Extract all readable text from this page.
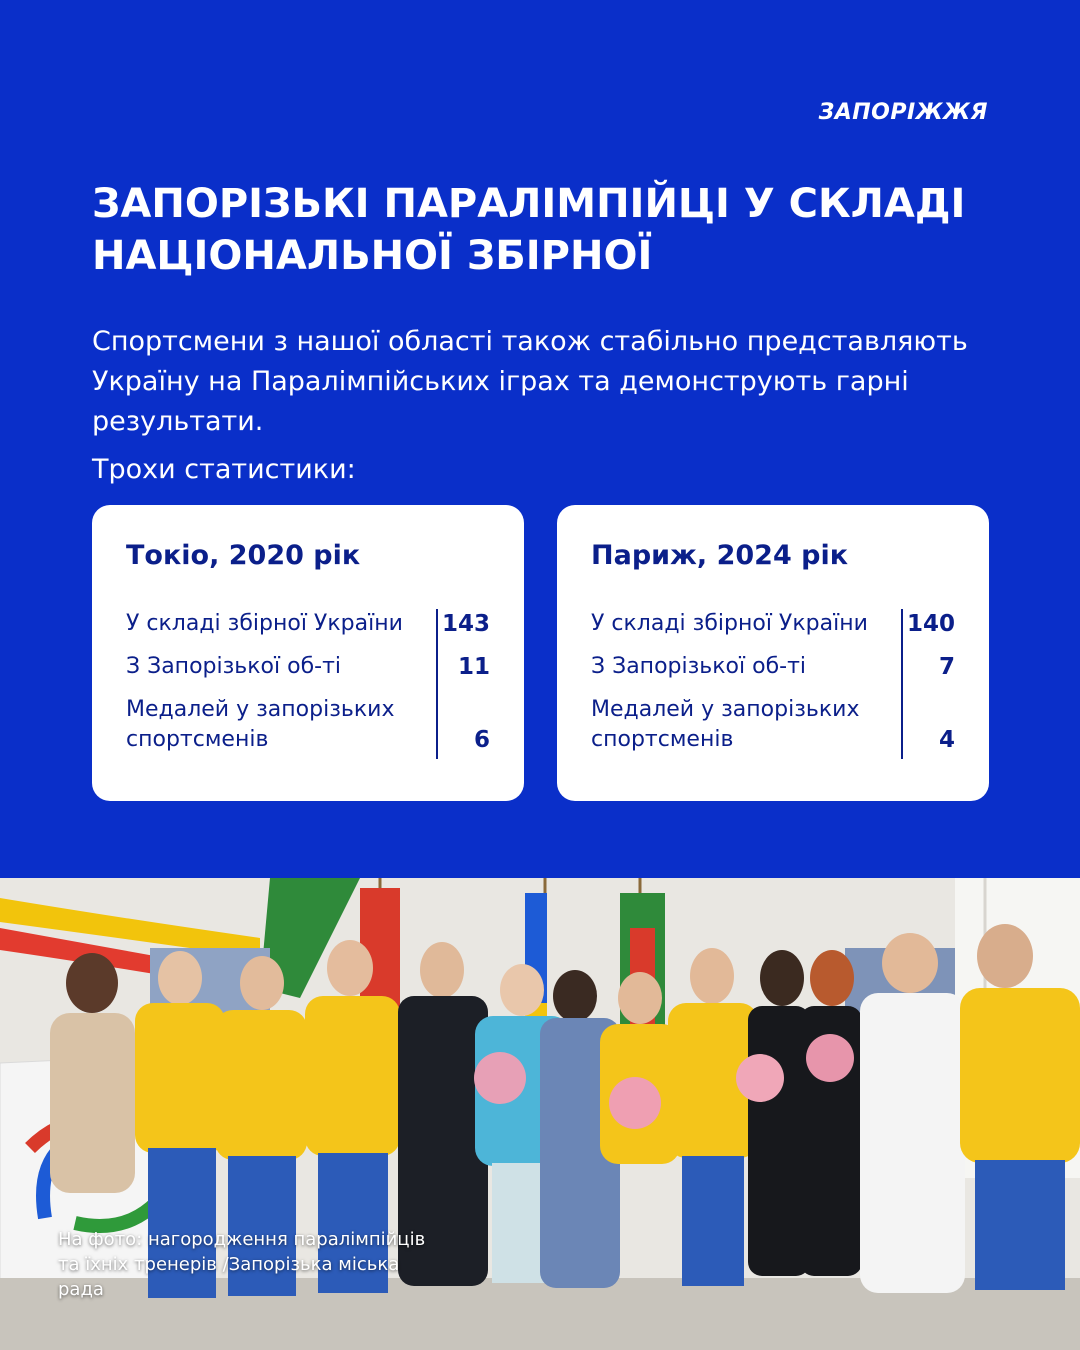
ЗАПОРІЖЖЯ
ЗАПОРІЗЬКІ ПАРАЛІМПІЙЦІ У СКЛАДІ НАЦІОНАЛЬНОЇ ЗБІРНОЇ

Спортсмени з нашої області також стабільно представляють Україну на Паралімпійських іграх та демонструють гарні результати.

Трохи статистики:

Токіо, 2020 рік
У складі збірної України	143
З Запорізької об-ті	11
Медалей у запорізьких спортсменів	6
Париж, 2024 рік
У складі збірної України	140
З Запорізької об-ті	7
Медалей у запорізьких спортсменів	4
На фото: нагородження паралімпійців та їхніх тренерів /Запорізька міська рада
